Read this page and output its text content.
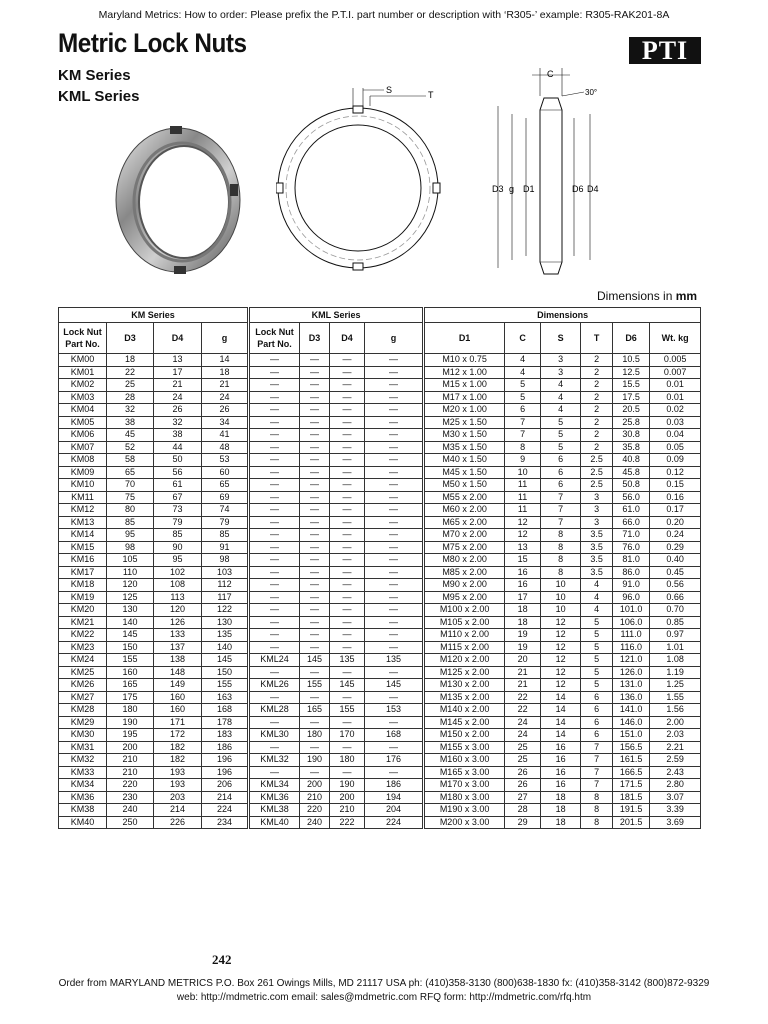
Maryland Metrics: How to order: Please prefix the P.T.I. part number or description with ‘R305-’ example: R305-RAK201-8A
Metric Lock Nuts
KM Series
KML Series
PTI
S	T
C
30°
D3 g D1	D6 D4
Dimensions in mm
KM Series					KML Series					Dimensions					
Lock Nut Part No.	D3	D4	g		Lock Nut Part No.	D3	D4	g		D1	C	S	T	D6	Wt. kg
KM00	18	13	14		—	—	—	—		M10 x 0.75	4	3	2	10.5	0.005
KM01	22	17	18		—	—	—	—		M12 x 1.00	4	3	2	12.5	0.007
KM02	25	21	21		—	—	—	—		M15 x 1.00	5	4	2	15.5	0.01
KM03	28	24	24		—	—	—	—		M17 x 1.00	5	4	2	17.5	0.01
KM04	32	26	26		—	—	—	—		M20 x 1.00	6	4	2	20.5	0.02
KM05	38	32	34		—	—	—	—		M25 x 1.50	7	5	2	25.8	0.03
KM06	45	38	41		—	—	—	—		M30 x 1.50	7	5	2	30.8	0.04
KM07	52	44	48		—	—	—	—		M35 x 1.50	8	5	2	35.8	0.05
KM08	58	50	53		—	—	—	—		M40 x 1.50	9	6	2.5	40.8	0.09
KM09	65	56	60		—	—	—	—		M45 x 1.50	10	6	2.5	45.8	0.12
KM10	70	61	65		—	—	—	—		M50 x 1.50	11	6	2.5	50.8	0.15
KM11	75	67	69		—	—	—	—		M55 x 2.00	11	7	3	56.0	0.16
KM12	80	73	74		—	—	—	—		M60 x 2.00	11	7	3	61.0	0.17
KM13	85	79	79		—	—	—	—		M65 x 2.00	12	7	3	66.0	0.20
KM14	95	85	85		—	—	—	—		M70 x 2.00	12	8	3.5	71.0	0.24
KM15	98	90	91		—	—	—	—		M75 x 2.00	13	8	3.5	76.0	0.29
KM16	105	95	98		—	—	—	—		M80 x 2.00	15	8	3.5	81.0	0.40
KM17	110	102	103		—	—	—	—		M85 x 2.00	16	8	3.5	86.0	0.45
KM18	120	108	112		—	—	—	—		M90 x 2.00	16	10	4	91.0	0.56
KM19	125	113	117		—	—	—	—		M95 x 2.00	17	10	4	96.0	0.66
KM20	130	120	122		—	—	—	—		M100 x 2.00	18	10	4	101.0	0.70
KM21	140	126	130		—	—	—	—		M105 x 2.00	18	12	5	106.0	0.85
KM22	145	133	135		—	—	—	—		M110 x 2.00	19	12	5	111.0	0.97
KM23	150	137	140		—	—	—	—		M115 x 2.00	19	12	5	116.0	1.01
KM24	155	138	145		KML24	145	135	135		M120 x 2.00	20	12	5	121.0	1.08
KM25	160	148	150		—	—	—	—		M125 x 2.00	21	12	5	126.0	1.19
KM26	165	149	155		KML26	155	145	145		M130 x 2.00	21	12	5	131.0	1.25
KM27	175	160	163		—	—	—	—		M135 x 2.00	22	14	6	136.0	1.55
KM28	180	160	168		KML28	165	155	153		M140 x 2.00	22	14	6	141.0	1.56
KM29	190	171	178		—	—	—	—		M145 x 2.00	24	14	6	146.0	2.00
KM30	195	172	183		KML30	180	170	168		M150 x 2.00	24	14	6	151.0	2.03
KM31	200	182	186		—	—	—	—		M155 x 3.00	25	16	7	156.5	2.21
KM32	210	182	196		KML32	190	180	176		M160 x 3.00	25	16	7	161.5	2.59
KM33	210	193	196		—	—	—	—		M165 x 3.00	26	16	7	166.5	2.43
KM34	220	193	206		KML34	200	190	186		M170 x 3.00	26	16	7	171.5	2.80
KM36	230	203	214		KML36	210	200	194		M180 x 3.00	27	18	8	181.5	3.07
KM38	240	214	224		KML38	220	210	204		M190 x 3.00	28	18	8	191.5	3.39
KM40	250	226	234		KML40	240	222	224		M200 x 3.00	29	18	8	201.5	3.69
242
Order from MARYLAND METRICS P.O. Box 261 Owings Mills, MD 21117 USA ph: (410)358-3130 (800)638-1830 fx: (410)358-3142 (800)872-9329
web: http://mdmetric.com email: sales@mdmetric.com RFQ form: http://mdmetric.com/rfq.htm
